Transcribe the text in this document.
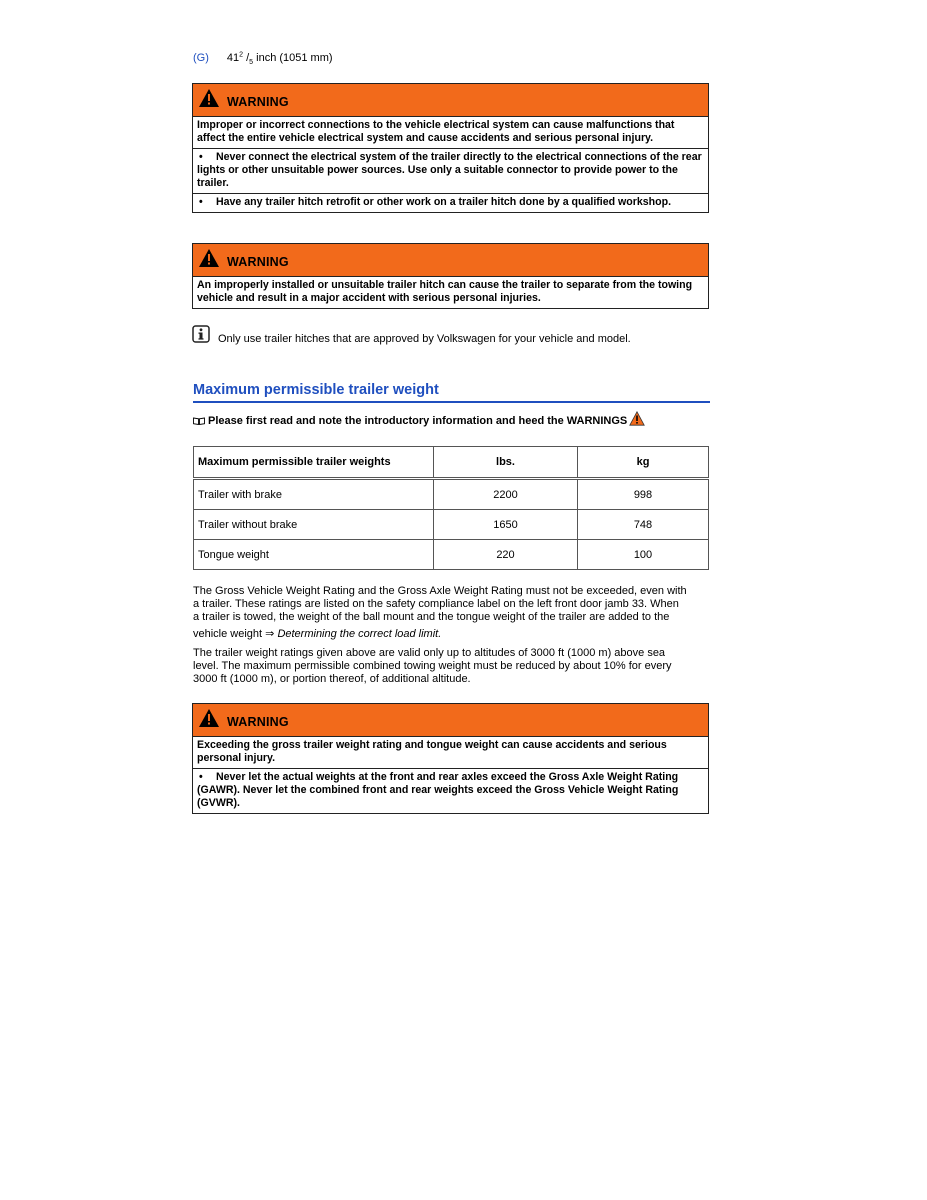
(G) $41^2$ $/_5$ inch (1051 mm)
WARNING
Improper or incorrect connections to the vehicle electrical system can cause malfunctions that affect the entire vehicle electrical system and cause accidents and serious personal injury.
• Never connect the electrical system of the trailer directly to the electrical connections of the rear lights or other unsuitable power sources. Use only a suitable connector to provide power to the trailer.
• Have any trailer hitch retrofit or other work on a trailer hitch done by a qualified workshop.
WARNING
An improperly installed or unsuitable trailer hitch can cause the trailer to separate from the towing vehicle and result in a major accident with serious personal injuries.
Only use trailer hitches that are approved by Volkswagen for your vehicle and model.
Maximum permissible trailer weight
Please first read and note the introductory information and heed the WARNINGS
Maximum permissible trailer weights	lbs.	kg
Trailer with brake	2200	998
Trailer without brake	1650	748
Tongue weight	220	100
The Gross Vehicle Weight Rating and the Gross Axle Weight Rating must not be exceeded, even with
a trailer. These ratings are listed on the safety compliance label on the left front door jamb 33. When
a trailer is towed, the weight of the ball mount and the tongue weight of the trailer are added to the
vehicle weight ⇒ Determining the correct load limit.
The trailer weight ratings given above are valid only up to altitudes of 3000 ft (1000 m) above sea level. The maximum permissible combined towing weight must be reduced by about 10% for every 3000 ft (1000 m), or portion thereof, of additional altitude.
WARNING
Exceeding the gross trailer weight rating and tongue weight can cause accidents and serious personal injury.
• Never let the actual weights at the front and rear axles exceed the Gross Axle Weight Rating (GAWR). Never let the combined front and rear weights exceed the Gross Vehicle Weight Rating (GVWR).
